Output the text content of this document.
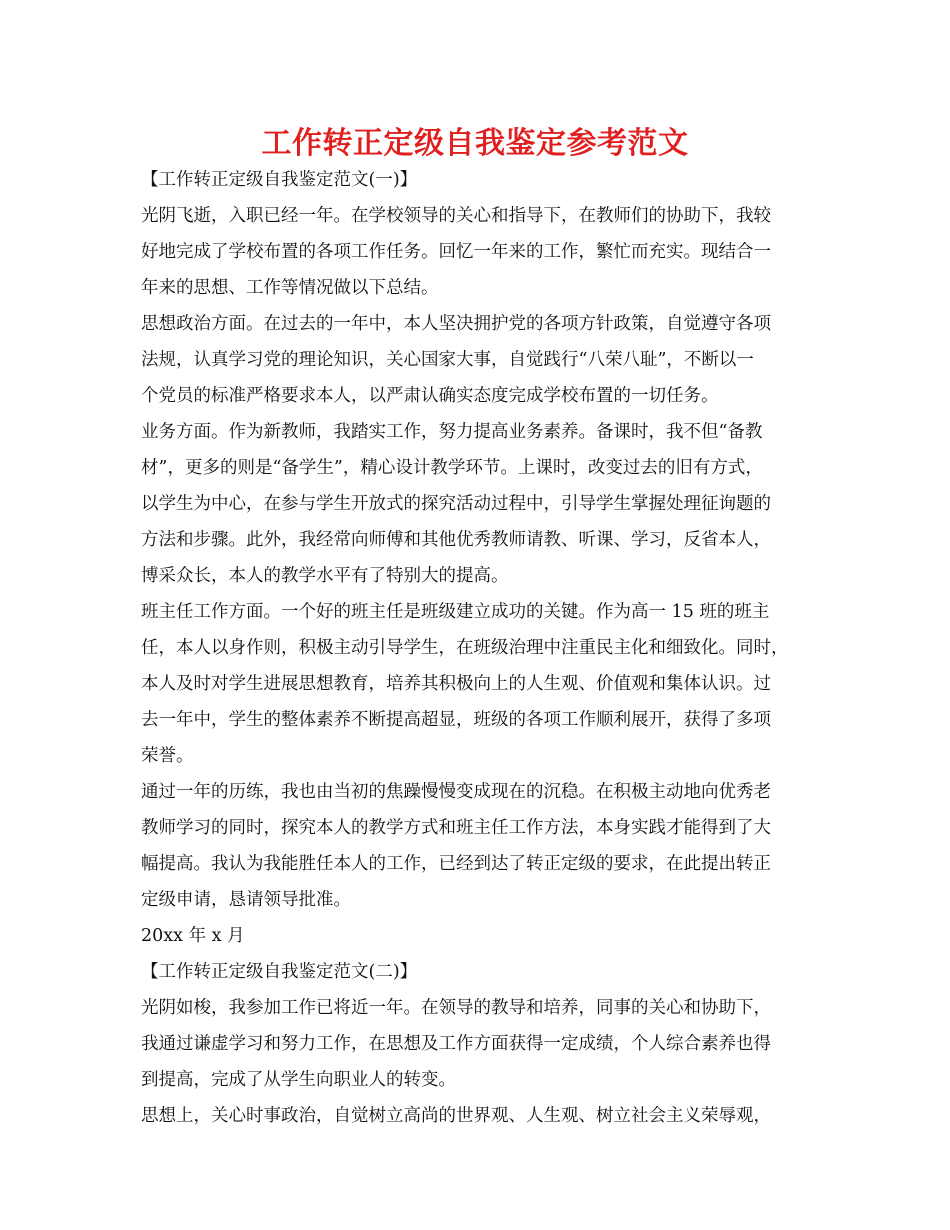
工作转正定级自我鉴定参考范文
【工作转正定级自我鉴定范文(一)】
光阴飞逝，入职已经一年。在学校领导的关心和指导下，在教师们的协助下，我较
好地完成了学校布置的各项工作任务。回忆一年来的工作，繁忙而充实。现结合一
年来的思想、工作等情况做以下总结。
思想政治方面。在过去的一年中，本人坚决拥护党的各项方针政策，自觉遵守各项
法规，认真学习党的理论知识，关心国家大事，自觉践行“八荣八耻”，不断以一
个党员的标准严格要求本人，以严肃认确实态度完成学校布置的一切任务。
业务方面。作为新教师，我踏实工作，努力提高业务素养。备课时，我不但“备教
材”，更多的则是“备学生”，精心设计教学环节。上课时，改变过去的旧有方式，
以学生为中心，在参与学生开放式的探究活动过程中，引导学生掌握处理征询题的
方法和步骤。此外，我经常向师傅和其他优秀教师请教、听课、学习，反省本人，
博采众长，本人的教学水平有了特别大的提高。
班主任工作方面。一个好的班主任是班级建立成功的关键。作为高一 15 班的班主
任，本人以身作则，积极主动引导学生，在班级治理中注重民主化和细致化。同时，
本人及时对学生进展思想教育，培养其积极向上的人生观、价值观和集体认识。过
去一年中，学生的整体素养不断提高超显，班级的各项工作顺利展开，获得了多项
荣誉。
通过一年的历练，我也由当初的焦躁慢慢变成现在的沉稳。在积极主动地向优秀老
教师学习的同时，探究本人的教学方式和班主任工作方法，本身实践才能得到了大
幅提高。我认为我能胜任本人的工作，已经到达了转正定级的要求，在此提出转正
定级申请，恳请领导批准。
20xx 年 x 月
【工作转正定级自我鉴定范文(二)】
光阴如梭，我参加工作已将近一年。在领导的教导和培养，同事的关心和协助下，
我通过谦虚学习和努力工作，在思想及工作方面获得一定成绩，个人综合素养也得
到提高，完成了从学生向职业人的转变。
思想上，关心时事政治，自觉树立高尚的世界观、人生观、树立社会主义荣辱观，
